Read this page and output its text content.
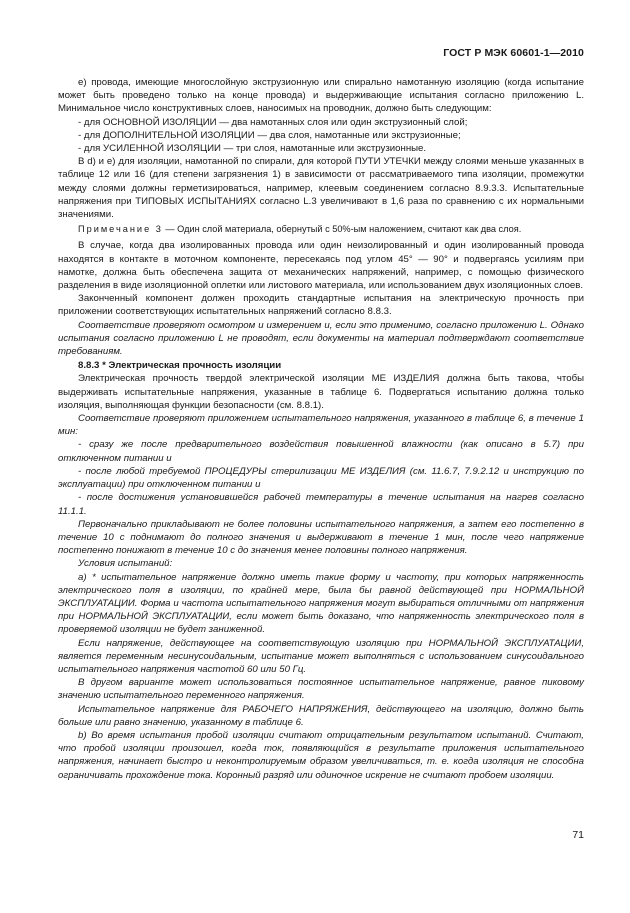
ГОСТ Р МЭК 60601-1—2010

е) провода, имеющие многослойную экструзионную или спирально намотанную изоляцию (когда испытание может быть проведено только на конце провода) и выдерживающие испытания согласно приложению L. Минимальное число конструктивных слоев, наносимых на проводник, должно быть следующим:

- для ОСНОВНОЙ ИЗОЛЯЦИИ — два намотанных слоя или один экструзионный слой;

- для ДОПОЛНИТЕЛЬНОЙ ИЗОЛЯЦИИ — два слоя, намотанные или экструзионные;

- для УСИЛЕННОЙ ИЗОЛЯЦИИ — три слоя, намотанные или экструзионные.

В d) и е) для изоляции, намотанной по спирали, для которой ПУТИ УТЕЧКИ между слоями меньше указанных в таблице 12 или 16 (для степени загрязнения 1) в зависимости от рассматриваемого типа изоляции, промежутки между слоями должны герметизироваться, например, клеевым соединением согласно 8.9.3.3. Испытательные напряжения при ТИПОВЫХ ИСПЫТАНИЯХ согласно L.3 увеличивают в 1,6 раза по сравнению с их нормальными значениями.

Примечание 3 — Один слой материала, обернутый с 50%-ым наложением, считают как два слоя.

В случае, когда два изолированных провода или один неизолированный и один изолированный провода находятся в контакте в моточном компоненте, пересекаясь под углом 45° — 90° и подвергаясь усилиям при намотке, должна быть обеспечена защита от механических напряжений, например, с помощью физического разделения в виде изоляционной оплетки или листового материала, или использованием двух изоляционных слоев.

Законченный компонент должен проходить стандартные испытания на электрическую прочность при приложении соответствующих испытательных напряжений согласно 8.8.3.

Соответствие проверяют осмотром и измерением и, если это применимо, согласно приложению L. Однако испытания согласно приложению L не проводят, если документы на материал подтверждают соответствие требованиям.

8.8.3 * Электрическая прочность изоляции

Электрическая прочность твердой электрической изоляции МЕ ИЗДЕЛИЯ должна быть такова, чтобы выдерживать испытательные напряжения, указанные в таблице 6. Подвергаться испытанию должна только изоляция, выполняющая функции безопасности (см. 8.8.1).

Соответствие проверяют приложением испытательного напряжения, указанного в таблице 6, в течение 1 мин:

- сразу же после предварительного воздействия повышенной влажности (как описано в 5.7) при отключенном питании и

- после любой требуемой ПРОЦЕДУРЫ стерилизации МЕ ИЗДЕЛИЯ (см. 11.6.7, 7.9.2.12 и инструкцию по эксплуатации) при отключенном питании и

- после достижения установившейся рабочей температуры в течение испытания на нагрев согласно 11.1.1.

Первоначально прикладывают не более половины испытательного напряжения, а затем его постепенно в течение 10 с поднимают до полного значения и выдерживают в течение 1 мин, после чего напряжение постепенно понижают в течение 10 с до значения менее половины полного напряжения.

Условия испытаний:

а) * испытательное напряжение должно иметь такие форму и частоту, при которых напряженность электрического поля в изоляции, по крайней мере, была бы равной действующей при НОРМАЛЬНОЙ ЭКСПЛУАТАЦИИ. Форма и частота испытательного напряжения могут выбираться отличными от напряжения при НОРМАЛЬНОЙ ЭКСПЛУАТАЦИИ, если может быть доказано, что напряженность электрического поля в проверяемой изоляции не будет заниженной.

Если напряжение, действующее на соответствующую изоляцию при НОРМАЛЬНОЙ ЭКСПЛУАТАЦИИ, является переменным несинусоидальным, испытание может выполняться с использованием синусоидального испытательного напряжения частотой 60 или 50 Гц.

В другом варианте может использоваться постоянное испытательное напряжение, равное пиковому значению испытательного переменного напряжения.

Испытательное напряжение для РАБОЧЕГО НАПРЯЖЕНИЯ, действующего на изоляцию, должно быть больше или равно значению, указанному в таблице 6.

b) Во время испытания пробой изоляции считают отрицательным результатом испытаний. Считают, что пробой изоляции произошел, когда ток, появляющийся в результате приложения испытательного напряжения, начинает быстро и неконтролируемым образом увеличиваться, т. е. когда изоляция не способна ограничивать прохождение тока. Коронный разряд или одиночное искрение не считают пробоем изоляции.

71
